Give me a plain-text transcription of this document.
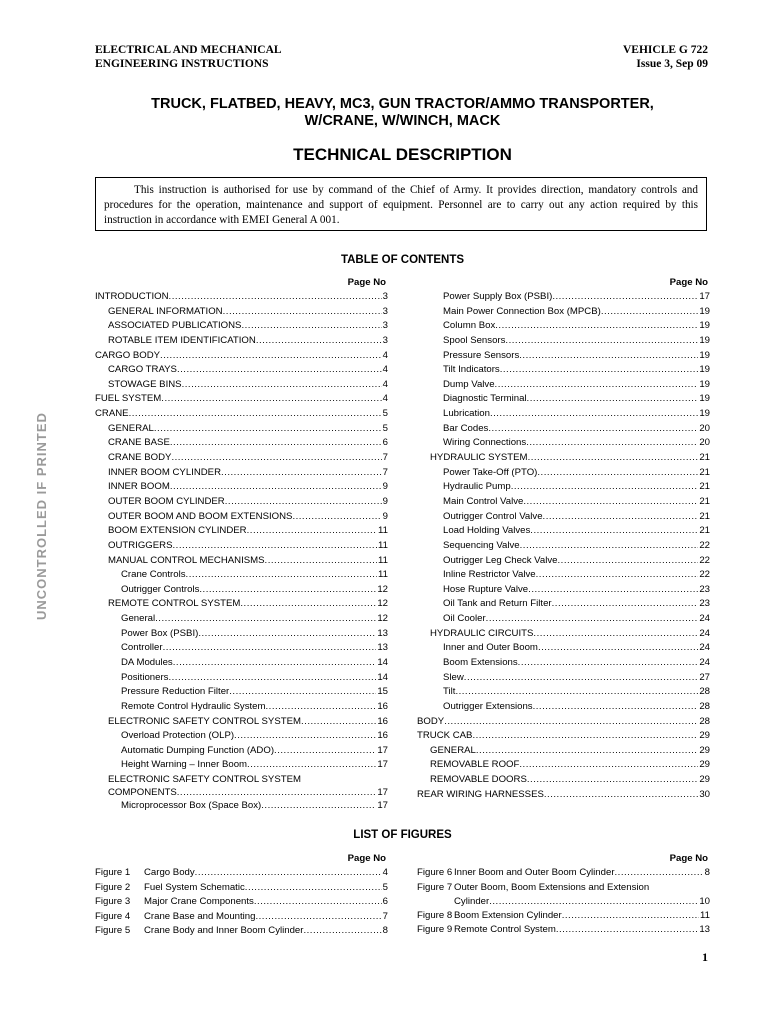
ELECTRICAL AND MECHANICAL
ENGINEERING INSTRUCTIONS
VEHICLE G 722
Issue 3, Sep 09
TRUCK, FLATBED, HEAVY, MC3, GUN TRACTOR/AMMO TRANSPORTER,
W/CRANE, W/WINCH, MACK
TECHNICAL DESCRIPTION

This instruction is authorised for use by command of the Chief of Army. It provides direction, mandatory controls and procedures for the operation, maintenance and support of equipment. Personnel are to carry out any action required by this instruction in accordance with EMEI General A 001.

TABLE OF CONTENTS
Page No
INTRODUCTION .....	3
GENERAL INFORMATION .....	3
ASSOCIATED PUBLICATIONS .....	3
ROTABLE ITEM IDENTIFICATION .....	3
CARGO BODY .....	4
CARGO TRAYS .....	4
STOWAGE BINS .....	4
FUEL SYSTEM .....	4
CRANE .....	5
GENERAL .....	5
CRANE BASE .....	6
CRANE BODY .....	7
INNER BOOM CYLINDER .....	7
INNER BOOM .....	9
OUTER BOOM CYLINDER .....	9
OUTER BOOM AND BOOM EXTENSIONS .....	9
BOOM EXTENSION CYLINDER .....	11
OUTRIGGERS .....	11
MANUAL CONTROL MECHANISMS .....	11
Crane Controls .....	11
Outrigger Controls .....	12
REMOTE CONTROL SYSTEM .....	12
General .....	12
Power Box (PSBI) .....	13
Controller .....	13
DA Modules .....	14
Positioners .....	14
Pressure Reduction Filter .....	15
Remote Control Hydraulic System .....	16
ELECTRONIC SAFETY CONTROL SYSTEM .....	16
Overload Protection (OLP) .....	16
Automatic Dumping Function (ADO) .....	17
Height Warning – Inner Boom .....	17
ELECTRONIC SAFETY CONTROL SYSTEM
COMPONENTS .....	17
Microprocessor Box (Space Box) .....	17
Page No
Power Supply Box (PSBI) .....	17
Main Power Connection Box (MPCB) .....	19
Column Box .....	19
Spool Sensors .....	19
Pressure Sensors .....	19
Tilt Indicators .....	19
Dump Valve .....	19
Diagnostic Terminal .....	19
Lubrication .....	19
Bar Codes .....	20
Wiring Connections .....	20
HYDRAULIC SYSTEM .....	21
Power Take-Off (PTO) .....	21
Hydraulic Pump .....	21
Main Control Valve .....	21
Outrigger Control Valve .....	21
Load Holding Valves .....	21
Sequencing Valve .....	22
Outrigger Leg Check Valve .....	22
Inline Restrictor Valve .....	22
Hose Rupture Valve .....	23
Oil Tank and Return Filter .....	23
Oil Cooler .....	24
HYDRAULIC CIRCUITS .....	24
Inner and Outer Boom .....	24
Boom Extensions .....	24
Slew .....	27
Tilt .....	28
Outrigger Extensions .....	28
BODY .....	28
TRUCK CAB .....	29
GENERAL .....	29
REMOVABLE ROOF .....	29
REMOVABLE DOORS .....	29
REAR WIRING HARNESSES .....	30
LIST OF FIGURES
Page No
Figure 1	Cargo Body .....	4
Figure 2	Fuel System Schematic .....	5
Figure 3	Major Crane Components .....	6
Figure 4	Crane Base and Mounting .....	7
Figure 5	Crane Body and Inner Boom Cylinder .....	8
Page No
Figure 6 Inner Boom and Outer Boom Cylinder .....	8
Figure 7 Outer Boom, Boom Extensions and Extension
Cylinder .....	10
Figure 8 Boom Extension Cylinder .....	11
Figure 9 Remote Control System .....	13
UNCONTROLLED IF PRINTED
1
